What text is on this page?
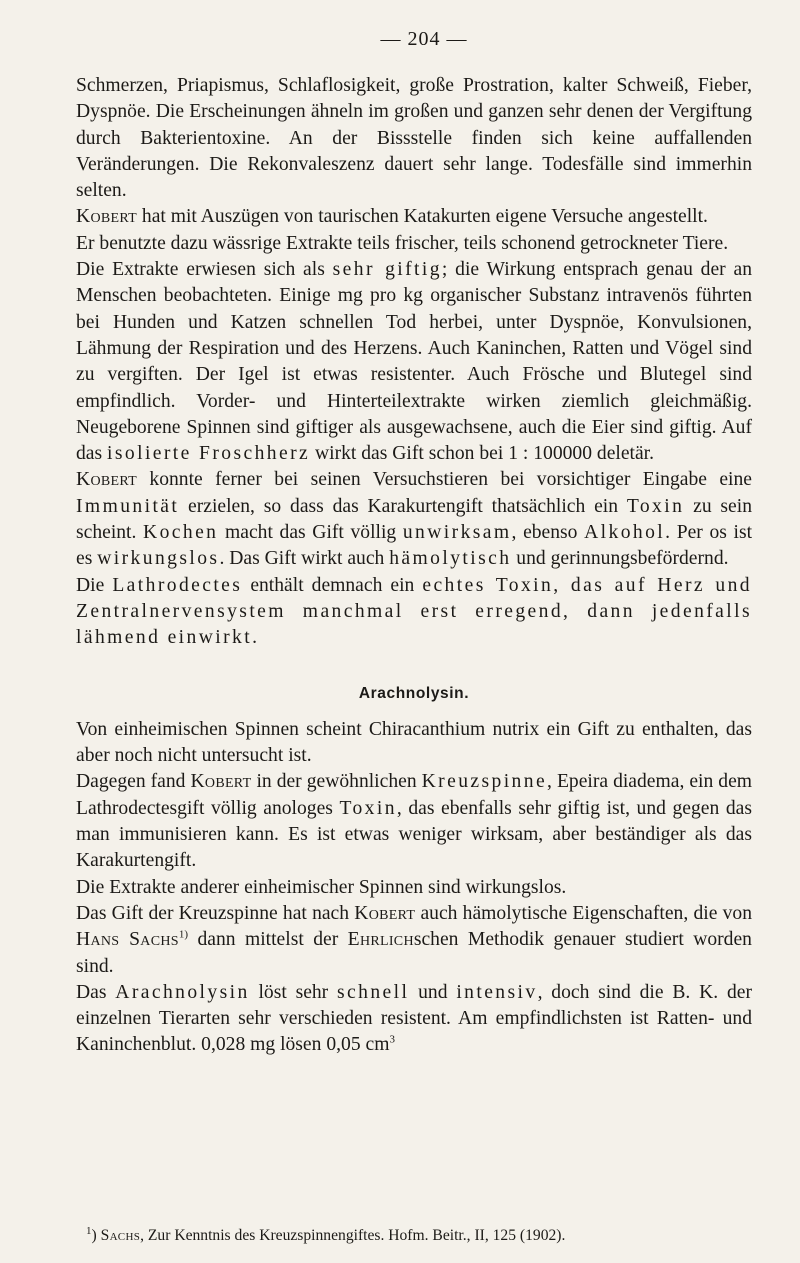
— 204 —

Schmerzen, Priapismus, Schlaflosigkeit, große Prostration, kalter Schweiß, Fieber, Dyspnöe. Die Erscheinungen ähneln im großen und ganzen sehr denen der Vergiftung durch Bakterientoxine. An der Bissstelle finden sich keine auffallenden Veränderungen. Die Rekonvaleszenz dauert sehr lange. Todesfälle sind immerhin selten.

Kobert hat mit Auszügen von taurischen Katakurten eigene Versuche angestellt.

Er benutzte dazu wässrige Extrakte teils frischer, teils schonend getrockneter Tiere.

Die Extrakte erwiesen sich als sehr giftig; die Wirkung entsprach genau der an Menschen beobachteten. Einige mg pro kg organischer Substanz intravenös führten bei Hunden und Katzen schnellen Tod herbei, unter Dyspnöe, Konvulsionen, Lähmung der Respiration und des Herzens. Auch Kaninchen, Ratten und Vögel sind zu vergiften. Der Igel ist etwas resistenter. Auch Frösche und Blutegel sind empfindlich. Vorder- und Hinterteilextrakte wirken ziemlich gleichmäßig. Neugeborene Spinnen sind giftiger als ausgewachsene, auch die Eier sind giftig. Auf das isolierte Froschherz wirkt das Gift schon bei 1 : 100000 deletär.

Kobert konnte ferner bei seinen Versuchstieren bei vorsichtiger Eingabe eine Immunität erzielen, so dass das Karakurtengift thatsächlich ein Toxin zu sein scheint. Kochen macht das Gift völlig unwirksam, ebenso Alkohol. Per os ist es wirkungslos. Das Gift wirkt auch hämolytisch und gerinnungsbefördernd.

Die Lathrodectes enthält demnach ein echtes Toxin, das auf Herz und Zentralnervensystem manchmal erst erregend, dann jedenfalls lähmend einwirkt.

Arachnolysin.

Von einheimischen Spinnen scheint Chiracanthium nutrix ein Gift zu enthalten, das aber noch nicht untersucht ist.

Dagegen fand Kobert in der gewöhnlichen Kreuzspinne, Epeira diadema, ein dem Lathrodectesgift völlig anologes Toxin, das ebenfalls sehr giftig ist, und gegen das man immunisieren kann. Es ist etwas weniger wirksam, aber beständiger als das Karakurtengift.

Die Extrakte anderer einheimischer Spinnen sind wirkungslos.

Das Gift der Kreuzspinne hat nach Kobert auch hämolytische Eigenschaften, die von Hans Sachs$^{1)}$ dann mittelst der Ehrlichschen Methodik genauer studiert worden sind.

Das Arachnolysin löst sehr schnell und intensiv, doch sind die B. K. der einzelnen Tierarten sehr verschieden resistent. Am empfindlichsten ist Ratten- und Kaninchenblut. 0,028 mg lösen 0,05 $cm^3$

$^1$) Sachs, Zur Kenntnis des Kreuzspinnengiftes. Hofm. Beitr., II, 125 (1902).
